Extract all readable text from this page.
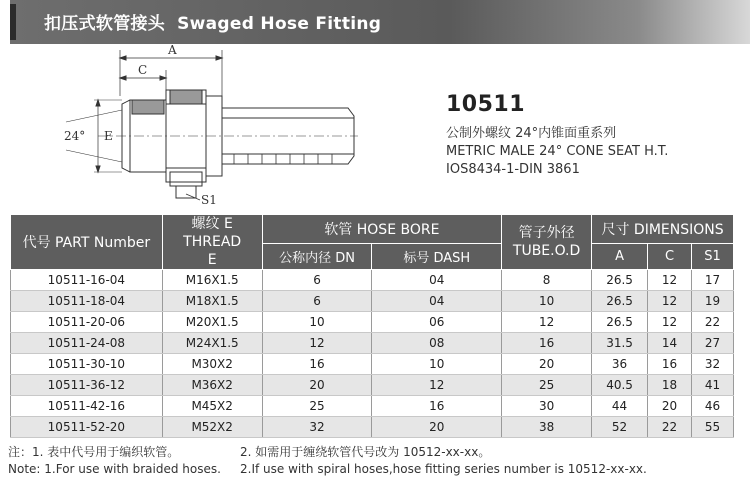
扣压式软管接头 Swaged Hose Fitting
A
C
E
24°
S1
10511
公制外螺纹 24°内锥面重系列
METRIC MALE 24° CONE SEAT H.T.
IOS8434-1-DIN 3861
代号 PART Number	螺纹 E THREAD E	软管 HOSE BORE		管子外径 TUBE.O.D	尺寸 DIMENSIONS		
		公称内径 DN	标号 DASH		A	C	S1
10511-16-04	M16X1.5	6	04	8	26.5	12	17
10511-18-04	M18X1.5	6	04	10	26.5	12	19
10511-20-06	M20X1.5	10	06	12	26.5	12	22
10511-24-08	M24X1.5	12	08	16	31.5	14	27
10511-30-10	M30X2	16	10	20	36	16	32
10511-36-12	M36X2	20	12	25	40.5	18	41
10511-42-16	M45X2	25	16	30	44	20	46
10511-52-20	M52X2	32	20	38	52	22	55
注：1. 表中代号用于编织软管。	2. 如需用于缠绕软管代号改为 10512-xx-xx。
Note: 1.For use with braided hoses. 2.If use with spiral hoses,hose fitting series number is 10512-xx-xx.
